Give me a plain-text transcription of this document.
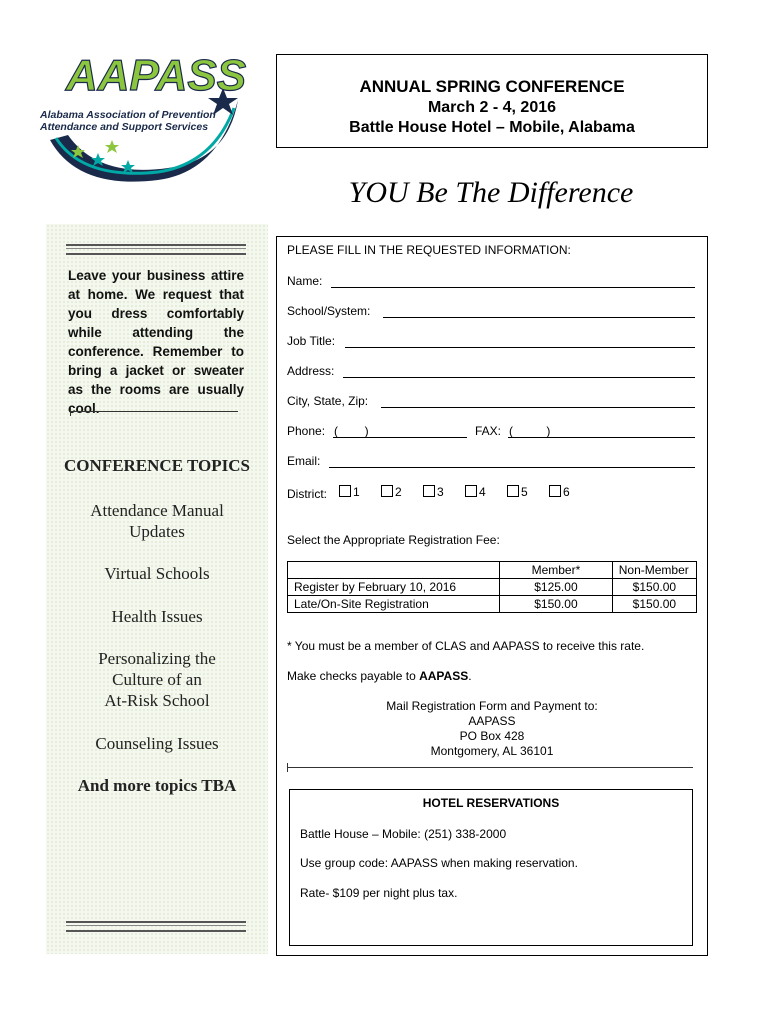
AAPASS
Alabama Association of Prevention
Attendance and Support Services
ANNUAL SPRING CONFERENCE
March 2 - 4, 2016
Battle House Hotel – Mobile, Alabama
YOU Be The Difference
Leave your business attire at home. We request that you dress comfortably while attending the conference. Remember to bring a jacket or sweater as the rooms are usually cool.
CONFERENCE TOPICS
Attendance Manual
Updates
Virtual Schools
Health Issues
Personalizing the
Culture of an
At-Risk School
Counseling Issues
And more topics TBA
PLEASE FILL IN THE REQUESTED INFORMATION:
Name:
School/System:
Job Title:
Address:
City, State, Zip:
Phone: (        )	FAX: (          )
Email:
District:	1	2	3	4	5	6
Select the Appropriate Registration Fee:
	Member*	Non-Member
Register by February 10, 2016	$125.00	$150.00
Late/On-Site Registration	$150.00	$150.00
* You must be a member of CLAS and AAPASS to receive this rate.
Make checks payable to AAPASS.
Mail Registration Form and Payment to:
AAPASS
PO Box 428
Montgomery, AL 36101
HOTEL RESERVATIONS
Battle House – Mobile: (251) 338-2000
Use group code: AAPASS when making reservation.
Rate- $109 per night plus tax.
